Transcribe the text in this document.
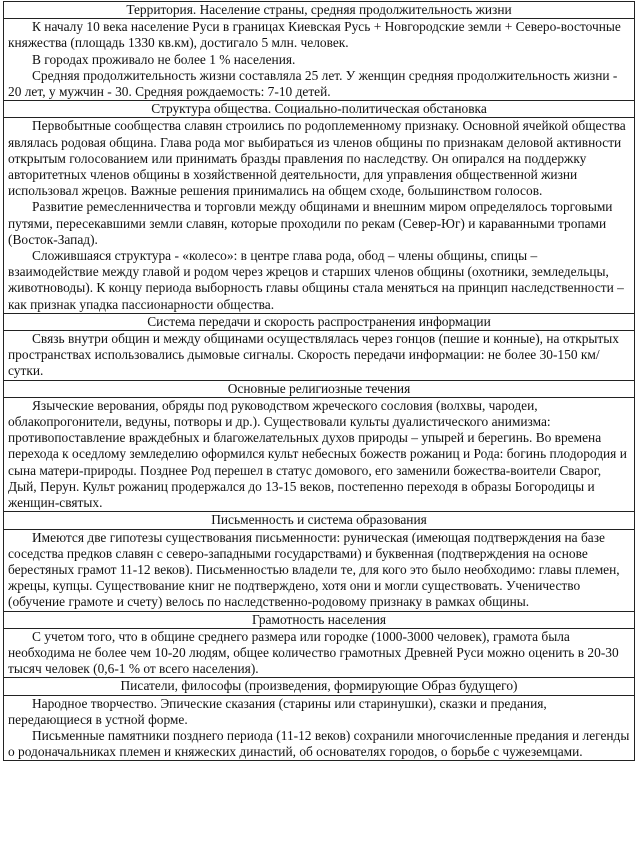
Территория. Население страны, средняя продолжительность жизни

К началу 10 века население Руси в границах Киевская Русь + Новгородские земли + Северо-восточные княжества (площадь 1330 кв.км), достигало 5 млн. человек.

В городах проживало не более 1 % населения.

Средняя продолжительность жизни составляла 25 лет. У женщин средняя продолжительность жизни - 20 лет, у мужчин - 30. Средняя рождаемость: 7-10 детей.

Структура общества. Социально-политическая обстановка

Первобытные сообщества славян строились по родоплеменному признаку. Основной ячейкой общества являлась родовая община. Глава рода мог выбираться из членов общины по признакам деловой активности открытым голосованием или принимать бразды правления по наследству. Он опирался на поддержку авторитетных членов общины в хозяйственной деятельности, для управления общественной жизни использовал жрецов. Важные решения принимались на общем сходе, большинством голосов.

Развитие ремесленничества и торговли между общинами и внешним миром определялось торговыми путями, пересекавшими земли славян, которые проходили по рекам (Север-Юг) и караванными тропами (Восток-Запад).

Сложившаяся структура - «колесо»: в центре глава рода, обод – члены общины, спицы – взаимодействие между главой и родом через жрецов и старших членов общины (охотники, земледельцы, животноводы). К концу периода выборность главы общины стала меняться на принцип наследственности – как признак упадка пассионарности общества.

Система передачи и скорость распространения информации

Связь внутри общин и между общинами осуществлялась через гонцов (пешие и конные), на открытых пространствах использовались дымовые сигналы. Скорость передачи информации: не более 30-150 км/сутки.

Основные религиозные течения

Языческие верования, обряды под руководством жреческого сословия (волхвы, чародеи, облакопрогонители, ведуны, потворы и др.). Существовали культы дуалистического анимизма: противопоставление враждебных и благожелательных духов природы – упырей и берегинь. Во времена перехода к оседлому земледелию оформился культ небесных божеств рожаниц и Рода: богинь плодородия и сына матери-природы. Позднее Род перешел в статус домового, его заменили божества-воители Сварог, Дый, Перун. Культ рожаниц продержался до 13-15 веков, постепенно переходя в образы Богородицы и женщин-святых.

Письменность и система образования

Имеются две гипотезы существования письменности: руническая (имеющая подтверждения на базе соседства предков славян с северо-западными государствами) и буквенная (подтверждения на основе берестяных грамот 11-12 веков). Письменностью владели те, для кого это было необходимо: главы племен, жрецы, купцы. Существование книг не подтверждено, хотя они и могли существовать. Ученичество (обучение грамоте и счету) велось по наследственно-родовому признаку в рамках общины.

Грамотность населения

С учетом того, что в общине среднего размера или городке (1000-3000 человек), грамота была необходима не более чем 10-20 людям, общее количество грамотных Древней Руси можно оценить в 20-30 тысяч человек (0,6-1 % от всего населения).

Писатели, философы (произведения, формирующие Образ будущего)

Народное творчество. Эпические сказания (старины или старинушки), сказки и предания, передающиеся в устной форме.

Письменные памятники позднего периода (11-12 веков) сохранили многочисленные предания и легенды о родоначальниках племен и княжеских династий, об основателях городов, о борьбе с чужеземцами.
